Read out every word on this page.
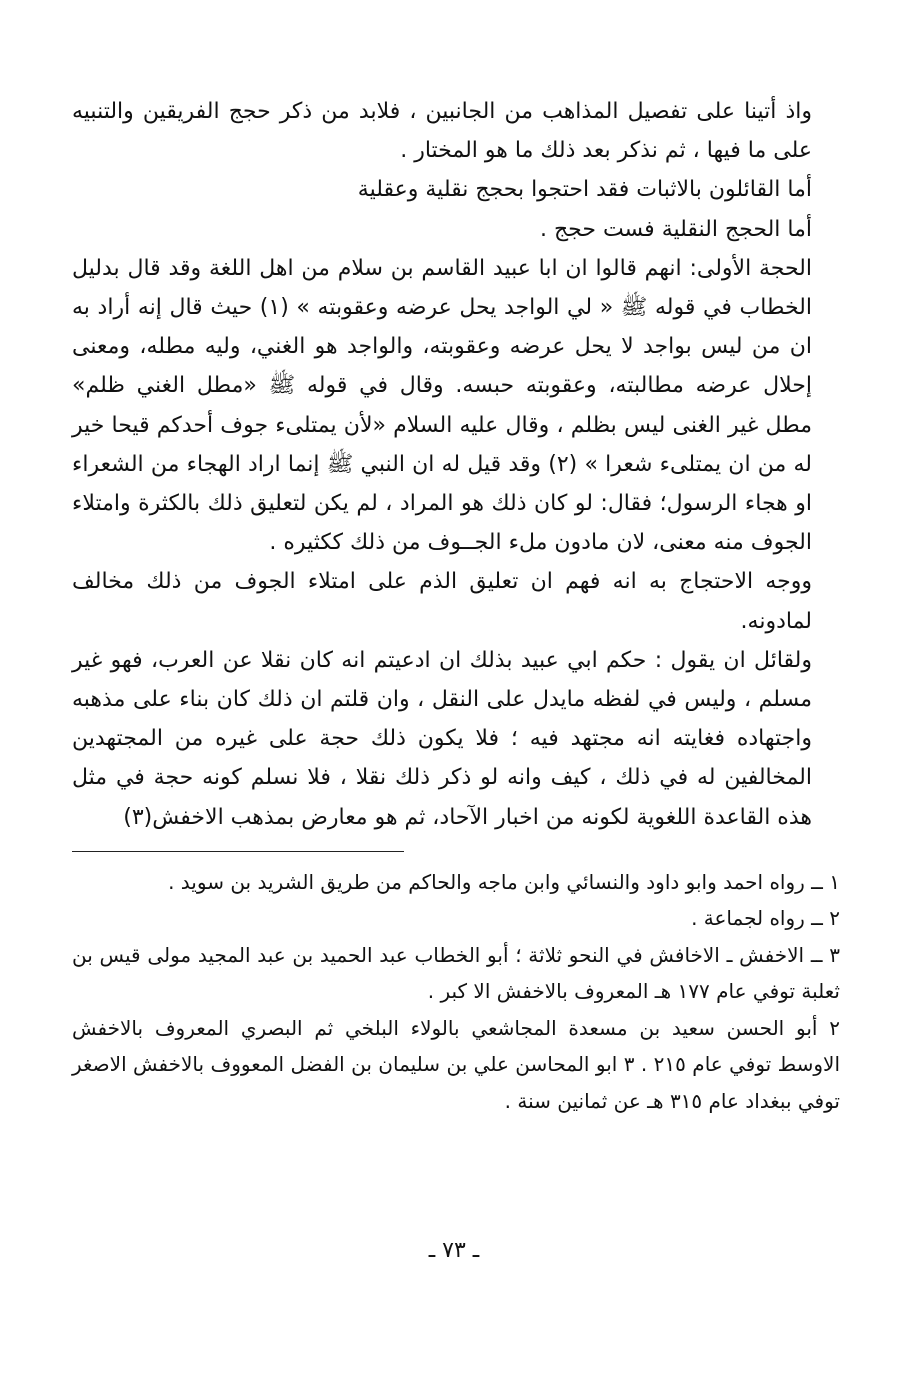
واذ أتينا على تفصيل المذاهب من الجانبين ، فلابد من ذكر حجج الفريقين والتنبيه على ما فيها ، ثم نذكر بعد ذلك ما هو المختار .

أما القائلون بالاثبات فقد احتجوا بحجج نقلية وعقلية

أما الحجج النقلية فست حجج .

الحجة الأولى: انهم قالوا ان ابا عبيد القاسم بن سلام من اهل اللغة وقد قال بدليل الخطاب في قوله ﷺ « لي الواجد يحل عرضه وعقوبته » (١) حيث قال إنه أراد به ان من ليس بواجد لا يحل عرضه وعقوبته، والواجد هو الغني، وليه مطله، ومعنى إحلال عرضه مطالبته، وعقوبته حبسه. وقال في قوله ﷺ «مطل الغني ظلم» مطل غير الغنى ليس بظلم ، وقال عليه السلام «لأن يمتلىء جوف أحدكم قيحا خير له من ان يمتلىء شعرا » (٢) وقد قيل له ان النبي ﷺ إنما اراد الهجاء من الشعراء او هجاء الرسول؛ فقال: لو كان ذلك هو المراد ، لم يكن لتعليق ذلك بالكثرة وامتلاء الجوف منه معنى، لان مادون ملء الجــوف من ذلك ككثيره .

ووجه الاحتجاج به انه فهم ان تعليق الذم على امتلاء الجوف من ذلك مخالف لمادونه.

ولقائل ان يقول : حكم ابي عبيد بذلك ان ادعيتم انه كان نقلا عن العرب، فهو غير مسلم ، وليس في لفظه مايدل على النقل ، وان قلتم ان ذلك كان بناء على مذهبه واجتهاده فغايته انه مجتهد فيه ؛ فلا يكون ذلك حجة على غيره من المجتهدين المخالفين له في ذلك ، كيف وانه لو ذكر ذلك نقلا ، فلا نسلم كونه حجة في مثل هذه القاعدة اللغوية لكونه من اخبار الآحاد، ثم هو معارض بمذهب الاخفش(٣)

١ ــ رواه احمد وابو داود والنسائي وابن ماجه والحاكم من طريق الشريد بن سويد .

٢ ــ رواه لجماعة .

٣ ــ الاخفش ـ الاخافش في النحو ثلاثة ؛ أبو الخطاب عبد الحميد بن عبد المجيد مولى قيس بن ثعلبة توفي عام ١٧٧ هـ المعروف بالاخفش الا كبر .

٢ أبو الحسن سعيد بن مسعدة المجاشعي بالولاء البلخي ثم البصري المعروف بالاخفش الاوسط توفي عام ٢١٥ . ٣ ابو المحاسن علي بن سليمان بن الفضل المعووف بالاخفش الاصغر توفي ببغداد عام ٣١٥ هـ عن ثمانين سنة .

ـ ٧٣ ـ
